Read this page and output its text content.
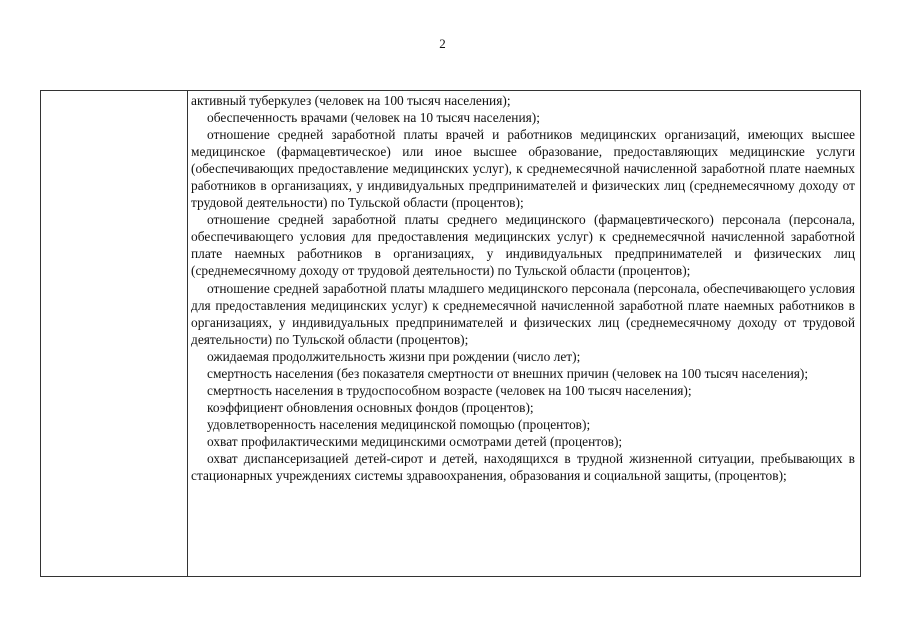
2

активный туберкулез (человек на 100 тысяч населения);

обеспеченность врачами (человек на 10 тысяч населения);

отношение средней заработной платы врачей и работников медицинских организаций, имеющих высшее медицинское (фармацевтическое) или иное высшее образование, предоставляющих медицинские услуги (обеспечивающих предоставление медицинских услуг), к среднемесячной начисленной заработной плате наемных работников в организациях, у индивидуальных предпринимателей и физических лиц (среднемесячному доходу от трудовой деятельности) по Тульской области (процентов);

отношение средней заработной платы среднего медицинского (фармацевтического) персонала (персонала, обеспечивающего условия для предоставления медицинских услуг) к среднемесячной начисленной заработной плате наемных работников в организациях, у индивидуальных предпринимателей и физических лиц (среднемесячному доходу от трудовой деятельности) по Тульской области (процентов);

отношение средней заработной платы младшего медицинского персонала (персонала, обеспечивающего условия для предоставления медицинских услуг) к среднемесячной начисленной заработной плате наемных работников в организациях, у индивидуальных предпринимателей и физических лиц (среднемесячному доходу от трудовой деятельности) по Тульской области (процентов);

ожидаемая продолжительность жизни при рождении (число лет);

смертность населения (без показателя смертности от внешних причин (человек на 100 тысяч населения);

смертность населения в трудоспособном возрасте (человек на 100 тысяч населения);

коэффициент обновления основных фондов (процентов);

удовлетворенность населения медицинской помощью (процентов);

охват профилактическими медицинскими осмотрами детей (процентов);

охват диспансеризацией детей-сирот и детей, находящихся в трудной жизненной ситуации, пребывающих в стационарных учреждениях системы здравоохранения, образования и социальной защиты, (процентов);
